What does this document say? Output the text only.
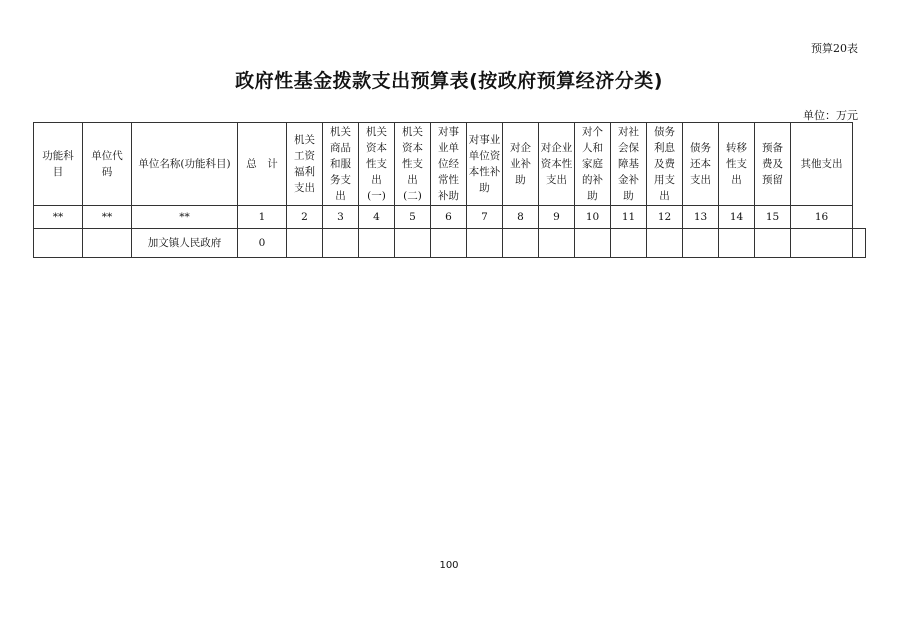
预算20表
政府性基金拨款支出预算表(按政府预算经济分类)
单位：万元
功能科目	单位代码	单位名称(功能科目)	总　计	机关工资福利支出	机关商品和服务支出	机关资本性支出(一)	机关资本性支出(二)	对事业单位经常性补助	对事业单位资本性补助	对企业补助	对企业资本性支出	对个人和家庭的补助	对社会保障基金补助	债务利息及费用支出	债务还本支出	转移性支出	预备费及预留	其他支出	
**	**	**	1	2	3	4	5	6	7	8	9	10	11	12	13	14	15	16	
		加文镇人民政府	0																
100
